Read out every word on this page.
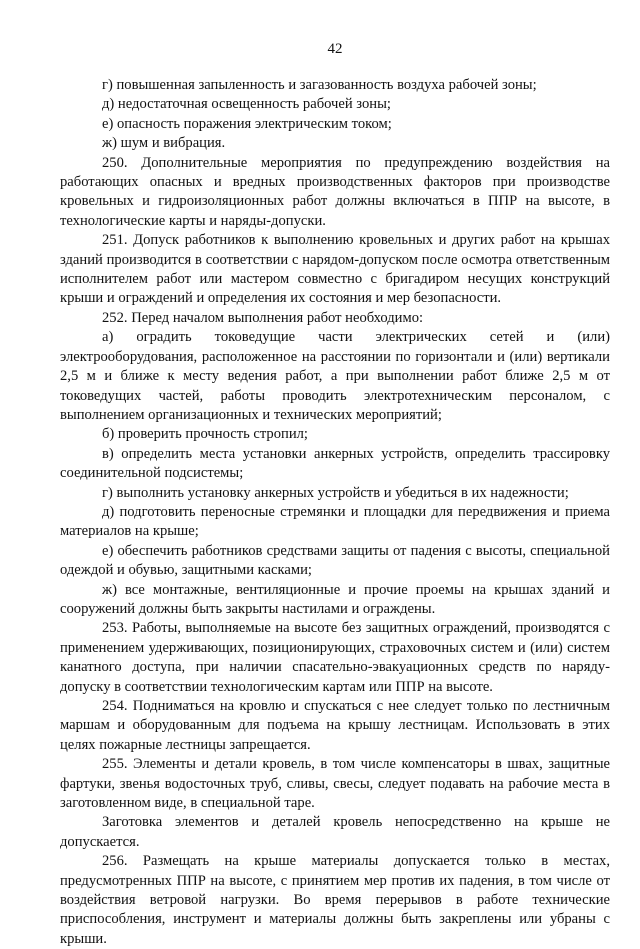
42

г) повышенная запыленность и загазованность воздуха рабочей зоны;

д) недостаточная освещенность рабочей зоны;

е) опасность поражения электрическим током;

ж) шум и вибрация.

250. Дополнительные мероприятия по предупреждению воздействия на работающих опасных и вредных производственных факторов при производстве кровельных и гидроизоляционных работ должны включаться в ППР на высоте, в технологические карты и наряды-допуски.

251. Допуск работников к выполнению кровельных и других работ на крышах зданий производится в соответствии с нарядом-допуском после осмотра ответственным исполнителем работ или мастером совместно с бригадиром несущих конструкций крыши и ограждений и определения их состояния и мер безопасности.

252. Перед началом выполнения работ необходимо:

а) оградить токоведущие части электрических сетей и (или) электрооборудования, расположенное на расстоянии по горизонтали и (или) вертикали 2,5 м и ближе к месту ведения работ, а при выполнении работ ближе 2,5 м от токоведущих частей, работы проводить электротехническим персоналом, с выполнением организационных и технических мероприятий;

б) проверить прочность стропил;

в) определить места установки анкерных устройств, определить трассировку соединительной подсистемы;

г) выполнить установку анкерных устройств и убедиться в их надежности;

д) подготовить переносные стремянки и площадки для передвижения и приема материалов на крыше;

е) обеспечить работников средствами защиты от падения с высоты, специальной одеждой и обувью, защитными касками;

ж) все монтажные, вентиляционные и прочие проемы на крышах зданий и сооружений должны быть закрыты настилами и ограждены.

253. Работы, выполняемые на высоте без защитных ограждений, производятся с применением удерживающих, позиционирующих, страховочных систем и (или) систем канатного доступа, при наличии спасательно-эвакуационных средств по наряду-допуску в соответствии технологическим картам или ППР на высоте.

254. Подниматься на кровлю и спускаться с нее следует только по лестничным маршам и оборудованным для подъема на крышу лестницам. Использовать в этих целях пожарные лестницы запрещается.

255. Элементы и детали кровель, в том числе компенсаторы в швах, защитные фартуки, звенья водосточных труб, сливы, свесы, следует подавать на рабочие места в заготовленном виде, в специальной таре.

Заготовка элементов и деталей кровель непосредственно на крыше не допускается.

256. Размещать на крыше материалы допускается только в местах, предусмотренных ППР на высоте, с принятием мер против их падения, в том числе от воздействия ветровой нагрузки. Во время перерывов в работе технические приспособления, инструмент и материалы должны быть закреплены или убраны с крыши.
